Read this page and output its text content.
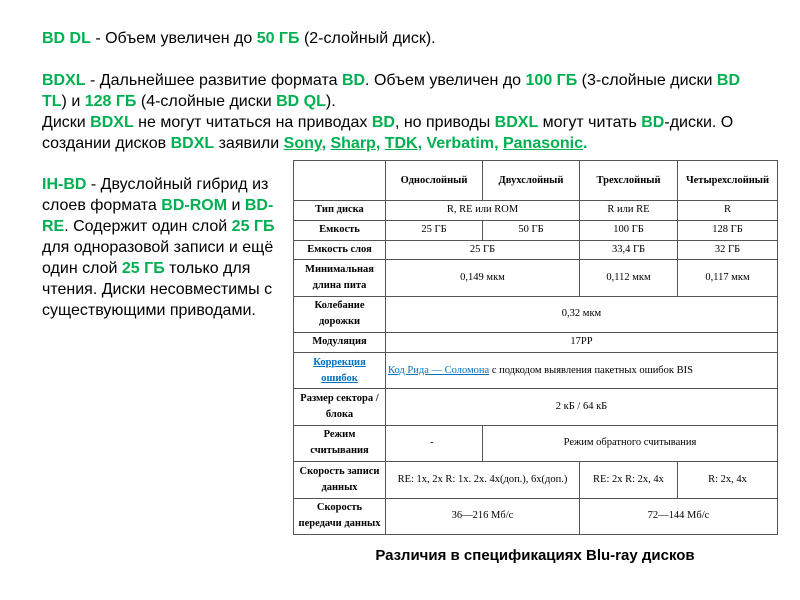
BD DL - Объем увеличен до 50 ГБ (2-слойный диск).
BDXL - Дальнейшее развитие формата BD. Объем увеличен до 100 ГБ (3-слойные диски BD TL) и 128 ГБ (4-слойные диски BD QL).
Диски BDXL не могут читаться на приводах BD, но приводы BDXL могут читать BD-диски. О создании дисков BDXL заявили Sony, Sharp, TDK, Verbatim, Panasonic.
IH-BD - Двуслойный гибрид из слоев формата BD-ROM и BD-RE. Содержит один слой 25 ГБ для одноразовой записи и ещё один слой 25 ГБ только для чтения. Диски несовместимы с существующими приводами.
	Однослойный	Двухслойный	Трехслойный	Четырехслойный
Тип диска	R, RE или ROM		R или RE	R
Емкость	25 ГБ	50 ГБ	100 ГБ	128 ГБ
Емкость слоя	25 ГБ		33,4 ГБ	32 ГБ
Минимальная длина пита	0,149 мкм		0,112 мкм	0,117 мкм
Колебание дорожки	0,32 мкм			
Модуляция	17PP			
Коррекция ошибок	Код Рида — Соломона с подкодом выявления пакетных ошибок BIS			
Размер сектора / блока	2 кБ / 64 кБ			
Режим считывания	-	Режим обратного считывания		
Скорость записи данных	RE: 1x, 2x R: 1x. 2x. 4x(доп.), 6x(доп.)		RE: 2x R: 2x, 4x	R: 2x, 4x
Скорость передачи данных	36—216 Мб/с		72—144 Мб/с	
Различия в спецификациях Blu-ray дисков
